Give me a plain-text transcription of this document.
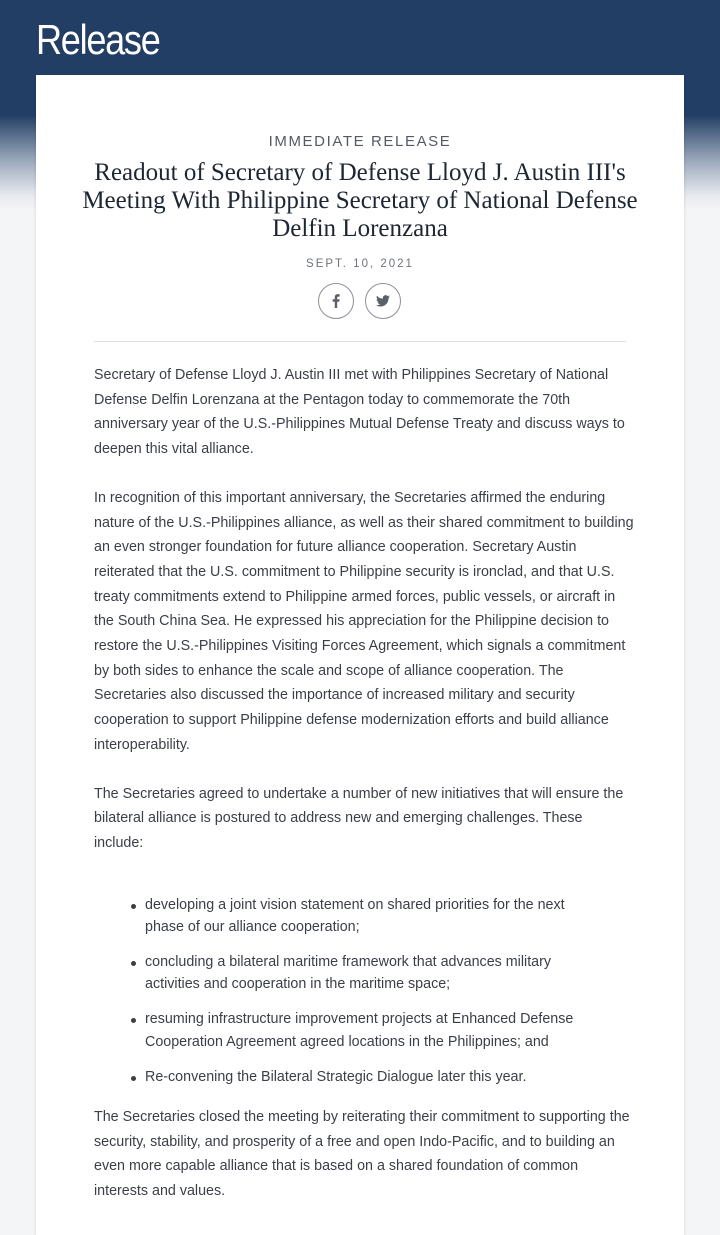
Release
IMMEDIATE RELEASE
Readout of Secretary of Defense Lloyd J. Austin III's Meeting With Philippine Secretary of National Defense Delfin Lorenzana
SEPT. 10, 2021

Secretary of Defense Lloyd J. Austin III met with Philippines Secretary of National Defense Delfin Lorenzana at the Pentagon today to commemorate the 70th anniversary year of the U.S.-Philippines Mutual Defense Treaty and discuss ways to deepen this vital alliance.

In recognition of this important anniversary, the Secretaries affirmed the enduring nature of the U.S.-Philippines alliance, as well as their shared commitment to building an even stronger foundation for future alliance cooperation. Secretary Austin reiterated that the U.S. commitment to Philippine security is ironclad, and that U.S. treaty commitments extend to Philippine armed forces, public vessels, or aircraft in the South China Sea. He expressed his appreciation for the Philippine decision to restore the U.S.-Philippines Visiting Forces Agreement, which signals a commitment by both sides to enhance the scale and scope of alliance cooperation. The Secretaries also discussed the importance of increased military and security cooperation to support Philippine defense modernization efforts and build alliance interoperability.

The Secretaries agreed to undertake a number of new initiatives that will ensure the bilateral alliance is postured to address new and emerging challenges. These include:

developing a joint vision statement on shared priorities for the next phase of our alliance cooperation;
concluding a bilateral maritime framework that advances military activities and cooperation in the maritime space;
resuming infrastructure improvement projects at Enhanced Defense Cooperation Agreement agreed locations in the Philippines; and
Re-convening the Bilateral Strategic Dialogue later this year.

The Secretaries closed the meeting by reiterating their commitment to supporting the security, stability, and prosperity of a free and open Indo-Pacific, and to building an even more capable alliance that is based on a shared foundation of common interests and values.
